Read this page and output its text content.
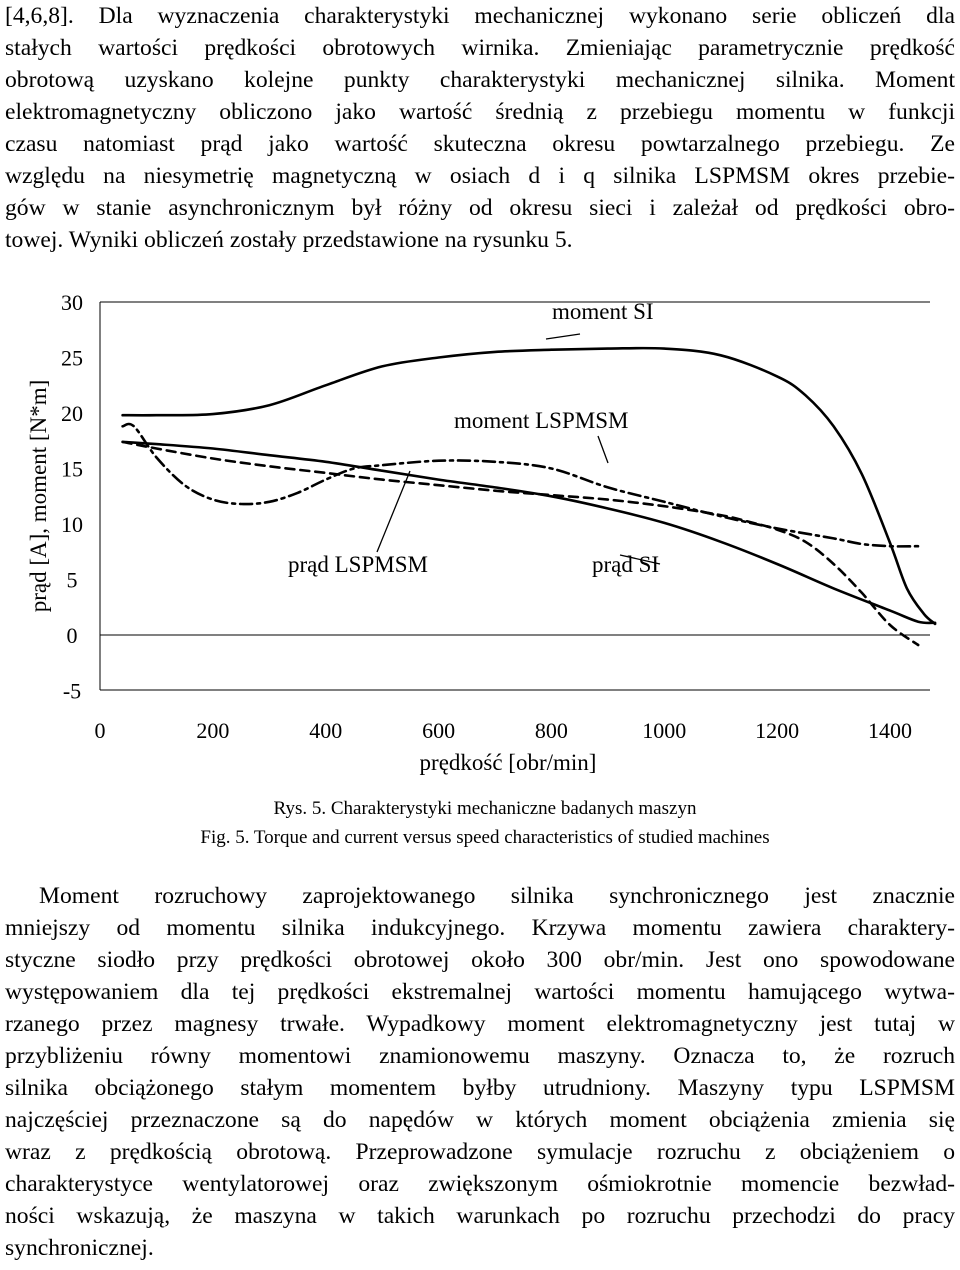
[4,6,8]. Dla wyznaczenia charakterystyki mechanicznej wykonano serie obliczeń dla
stałych wartości prędkości obrotowych wirnika. Zmieniając parametrycznie prędkość
obrotową uzyskano kolejne punkty charakterystyki mechanicznej silnika. Moment
elektromagnetyczny obliczono jako wartość średnią z przebiegu momentu w funkcji
czasu natomiast prąd jako wartość skuteczna okresu powtarzalnego przebiegu. Ze
względu na niesymetrię magnetyczną w osiach d i q silnika LSPMSM okres przebie-
gów w stanie asynchronicznym był różny od okresu sieci i zależał od prędkości obro-
towej. Wyniki obliczeń zostały przedstawione na rysunku 5.
30
25
20
15
10
5
0
-5
0	200	400	600	800	1000	1200	1400
moment SI
moment LSPMSM
prąd LSPMSM	prąd SI
prędkość [obr/min]
prąd [A], moment [N*m]
Rys. 5. Charakterystyki mechaniczne badanych maszyn
Fig. 5. Torque and current versus speed characteristics of studied machines
Moment rozruchowy zaprojektowanego silnika synchronicznego jest znacznie
mniejszy od momentu silnika indukcyjnego. Krzywa momentu zawiera charaktery-
styczne siodło przy prędkości obrotowej około 300 obr/min. Jest ono spowodowane
występowaniem dla tej prędkości ekstremalnej wartości momentu hamującego wytwa-
rzanego przez magnesy trwałe. Wypadkowy moment elektromagnetyczny jest tutaj w
przybliżeniu równy momentowi znamionowemu maszyny. Oznacza to, że rozruch
silnika obciążonego stałym momentem byłby utrudniony. Maszyny typu LSPMSM
najczęściej przeznaczone są do napędów w których moment obciążenia zmienia się
wraz z prędkością obrotową. Przeprowadzone symulacje rozruchu z obciążeniem o
charakterystyce wentylatorowej oraz zwiększonym ośmiokrotnie momencie bezwład-
ności wskazują, że maszyna w takich warunkach po rozruchu przechodzi do pracy
synchronicznej.
